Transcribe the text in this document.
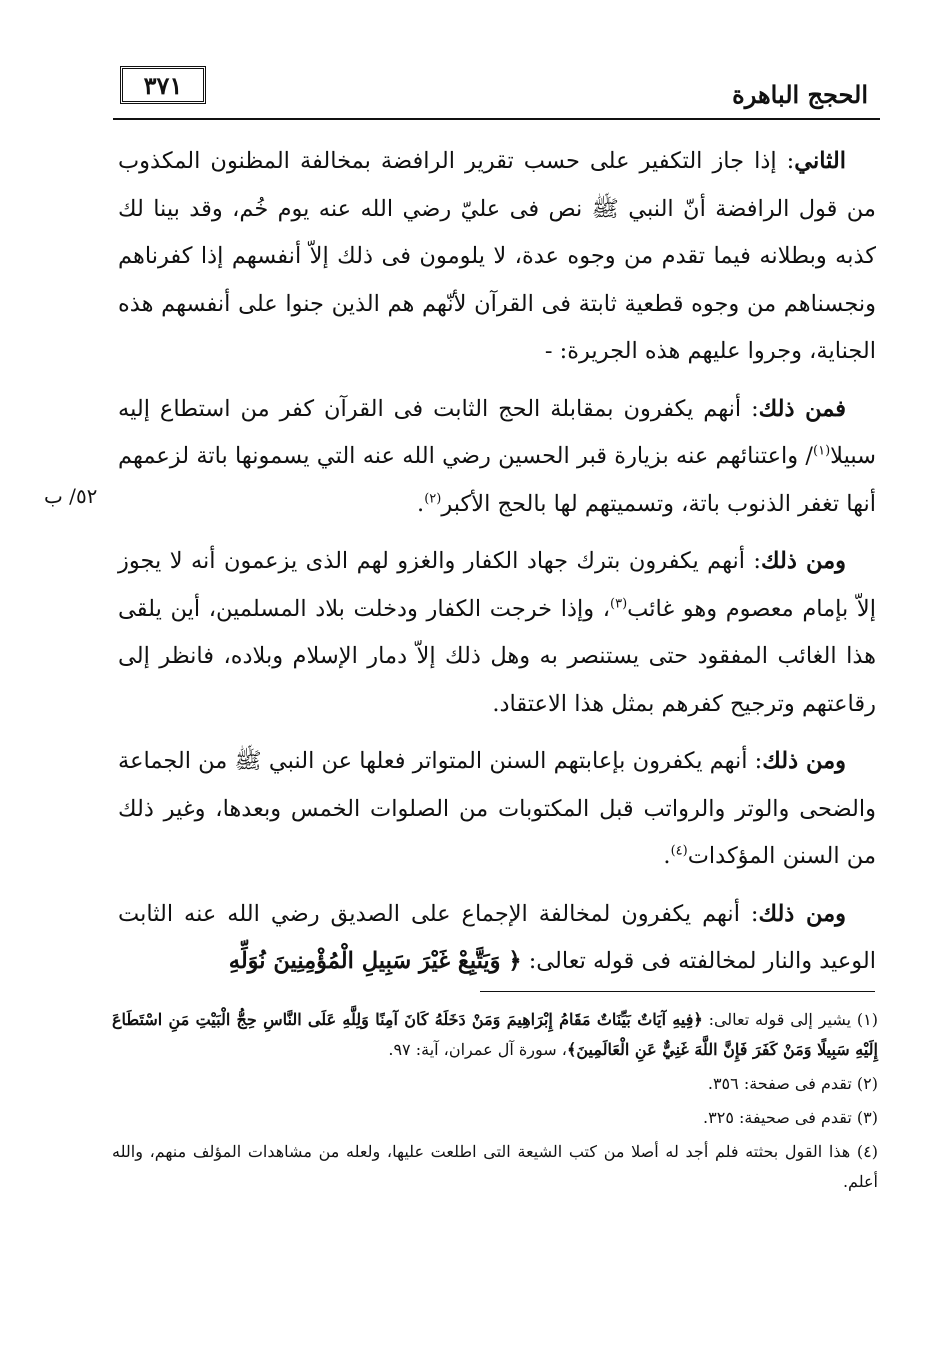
الحجج الباهرة
٣٧١
٥٢/ ب

الثاني: إذا جاز التكفير على حسب تقرير الرافضة بمخالفة المظنون المكذوب من قول الرافضة أنّ النبي ﷺ نص فى عليّ رضي الله عنه يوم خُم، وقد بينا لك كذبه وبطلانه فيما تقدم من وجوه عدة، لا يلومون فى ذلك إلاّ أنفسهم إذا كفرناهم ونجسناهم من وجوه قطعية ثابتة فى القرآن لأنّهم هم الذين جنوا على أنفسهم هذه الجناية، وجروا عليهم هذه الجريرة: -

فمن ذلك: أنهم يكفرون بمقابلة الحج الثابت فى القرآن كفر من استطاع إليه سبيلا$^{(١)}$/ واعتنائهم عنه بزيارة قبر الحسين رضي الله عنه التي يسمونها باتة لزعمهم أنها تغفر الذنوب باتة، وتسميتهم لها بالحج الأكبر$^{(٢)}$.

ومن ذلك: أنهم يكفرون بترك جهاد الكفار والغزو لهم الذى يزعمون أنه لا يجوز إلاّ بإمام معصوم وهو غائب$^{(٣)}$، وإذا خرجت الكفار ودخلت بلاد المسلمين، أين يلقى هذا الغائب المفقود حتى يستنصر به وهل ذلك إلاّ دمار الإسلام وبلاده، فانظر إلى رقاعتهم وترجيح كفرهم بمثل هذا الاعتقاد.

ومن ذلك: أنهم يكفرون بإعابتهم السنن المتواتر فعلها عن النبي ﷺ من الجماعة والضحى والوتر والرواتب قبل المكتوبات من الصلوات الخمس وبعدها، وغير ذلك من السنن المؤكدات$^{(٤)}$.

ومن ذلك: أنهم يكفرون لمخالفة الإجماع على الصديق رضي الله عنه الثابت الوعيد والنار لمخالفته فى قوله تعالى: ﴿ وَيَتَّبِعْ غَيْرَ سَبِيلِ الْمُؤْمِنِينَ نُوَلِّهِ

(١) يشير إلى قوله تعالى: ﴿فِيهِ آيَاتٌ بَيِّنَاتٌ مَقَامُ إِبْرَاهِيمَ وَمَنْ دَخَلَهُ كَانَ آمِنًا وَلِلَّهِ عَلَى النَّاسِ حِجُّ الْبَيْتِ مَنِ اسْتَطَاعَ إِلَيْهِ سَبِيلًا وَمَنْ كَفَرَ فَإِنَّ اللَّهَ غَنِيٌّ عَنِ الْعَالَمِينَ﴾، سورة آل عمران، آية: ٩٧.

(٢) تقدم فى صفحة: ٣٥٦.

(٣) تقدم فى صحيفة: ٣٢٥.

(٤) هذا القول بحثته فلم أجد له أصلا من كتب الشيعة التى اطلعت عليها، ولعله من مشاهدات المؤلف منهم، والله أعلم.
